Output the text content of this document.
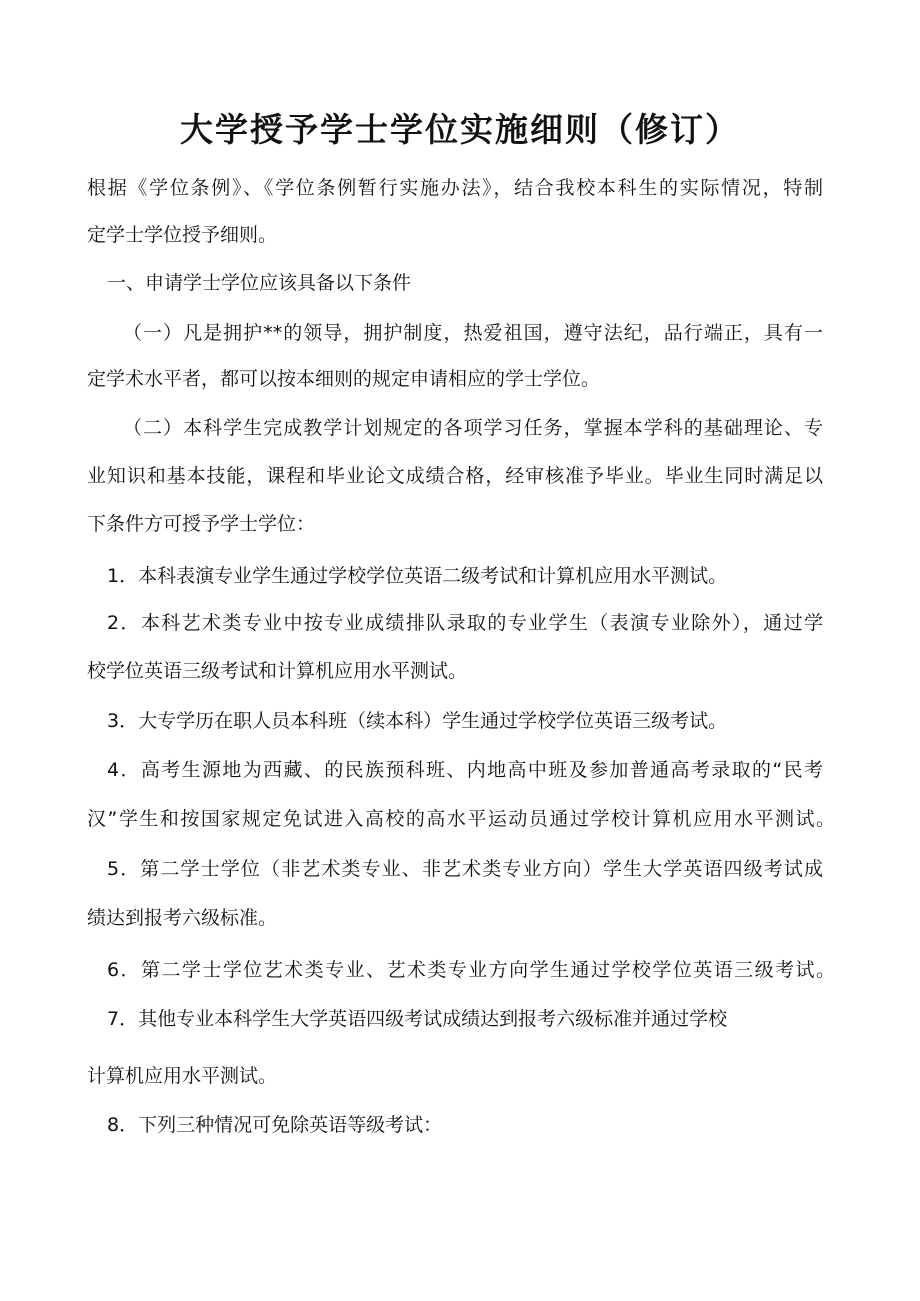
大学授予学士学位实施细则（修订）

根据《学位条例》、《学位条例暂行实施办法》，结合我校本科生的实际情况，特制

定学士学位授予细则。

一、申请学士学位应该具备以下条件

（一）凡是拥护**的领导，拥护制度，热爱祖国，遵守法纪，品行端正，具有一

定学术水平者，都可以按本细则的规定申请相应的学士学位。

（二）本科学生完成教学计划规定的各项学习任务，掌握本学科的基础理论、专

业知识和基本技能，课程和毕业论文成绩合格，经审核准予毕业。毕业生同时满足以

下条件方可授予学士学位：

1．本科表演专业学生通过学校学位英语二级考试和计算机应用水平测试。

2．本科艺术类专业中按专业成绩排队录取的专业学生（表演专业除外），通过学

校学位英语三级考试和计算机应用水平测试。

3．大专学历在职人员本科班（续本科）学生通过学校学位英语三级考试。

4．高考生源地为西藏、的民族预科班、内地高中班及参加普通高考录取的“民考

汉”学生和按国家规定免试进入高校的高水平运动员通过学校计算机应用水平测试。

5．第二学士学位（非艺术类专业、非艺术类专业方向）学生大学英语四级考试成

绩达到报考六级标准。

6．第二学士学位艺术类专业、艺术类专业方向学生通过学校学位英语三级考试。

7．其他专业本科学生大学英语四级考试成绩达到报考六级标准并通过学校

计算机应用水平测试。

8．下列三种情况可免除英语等级考试：
